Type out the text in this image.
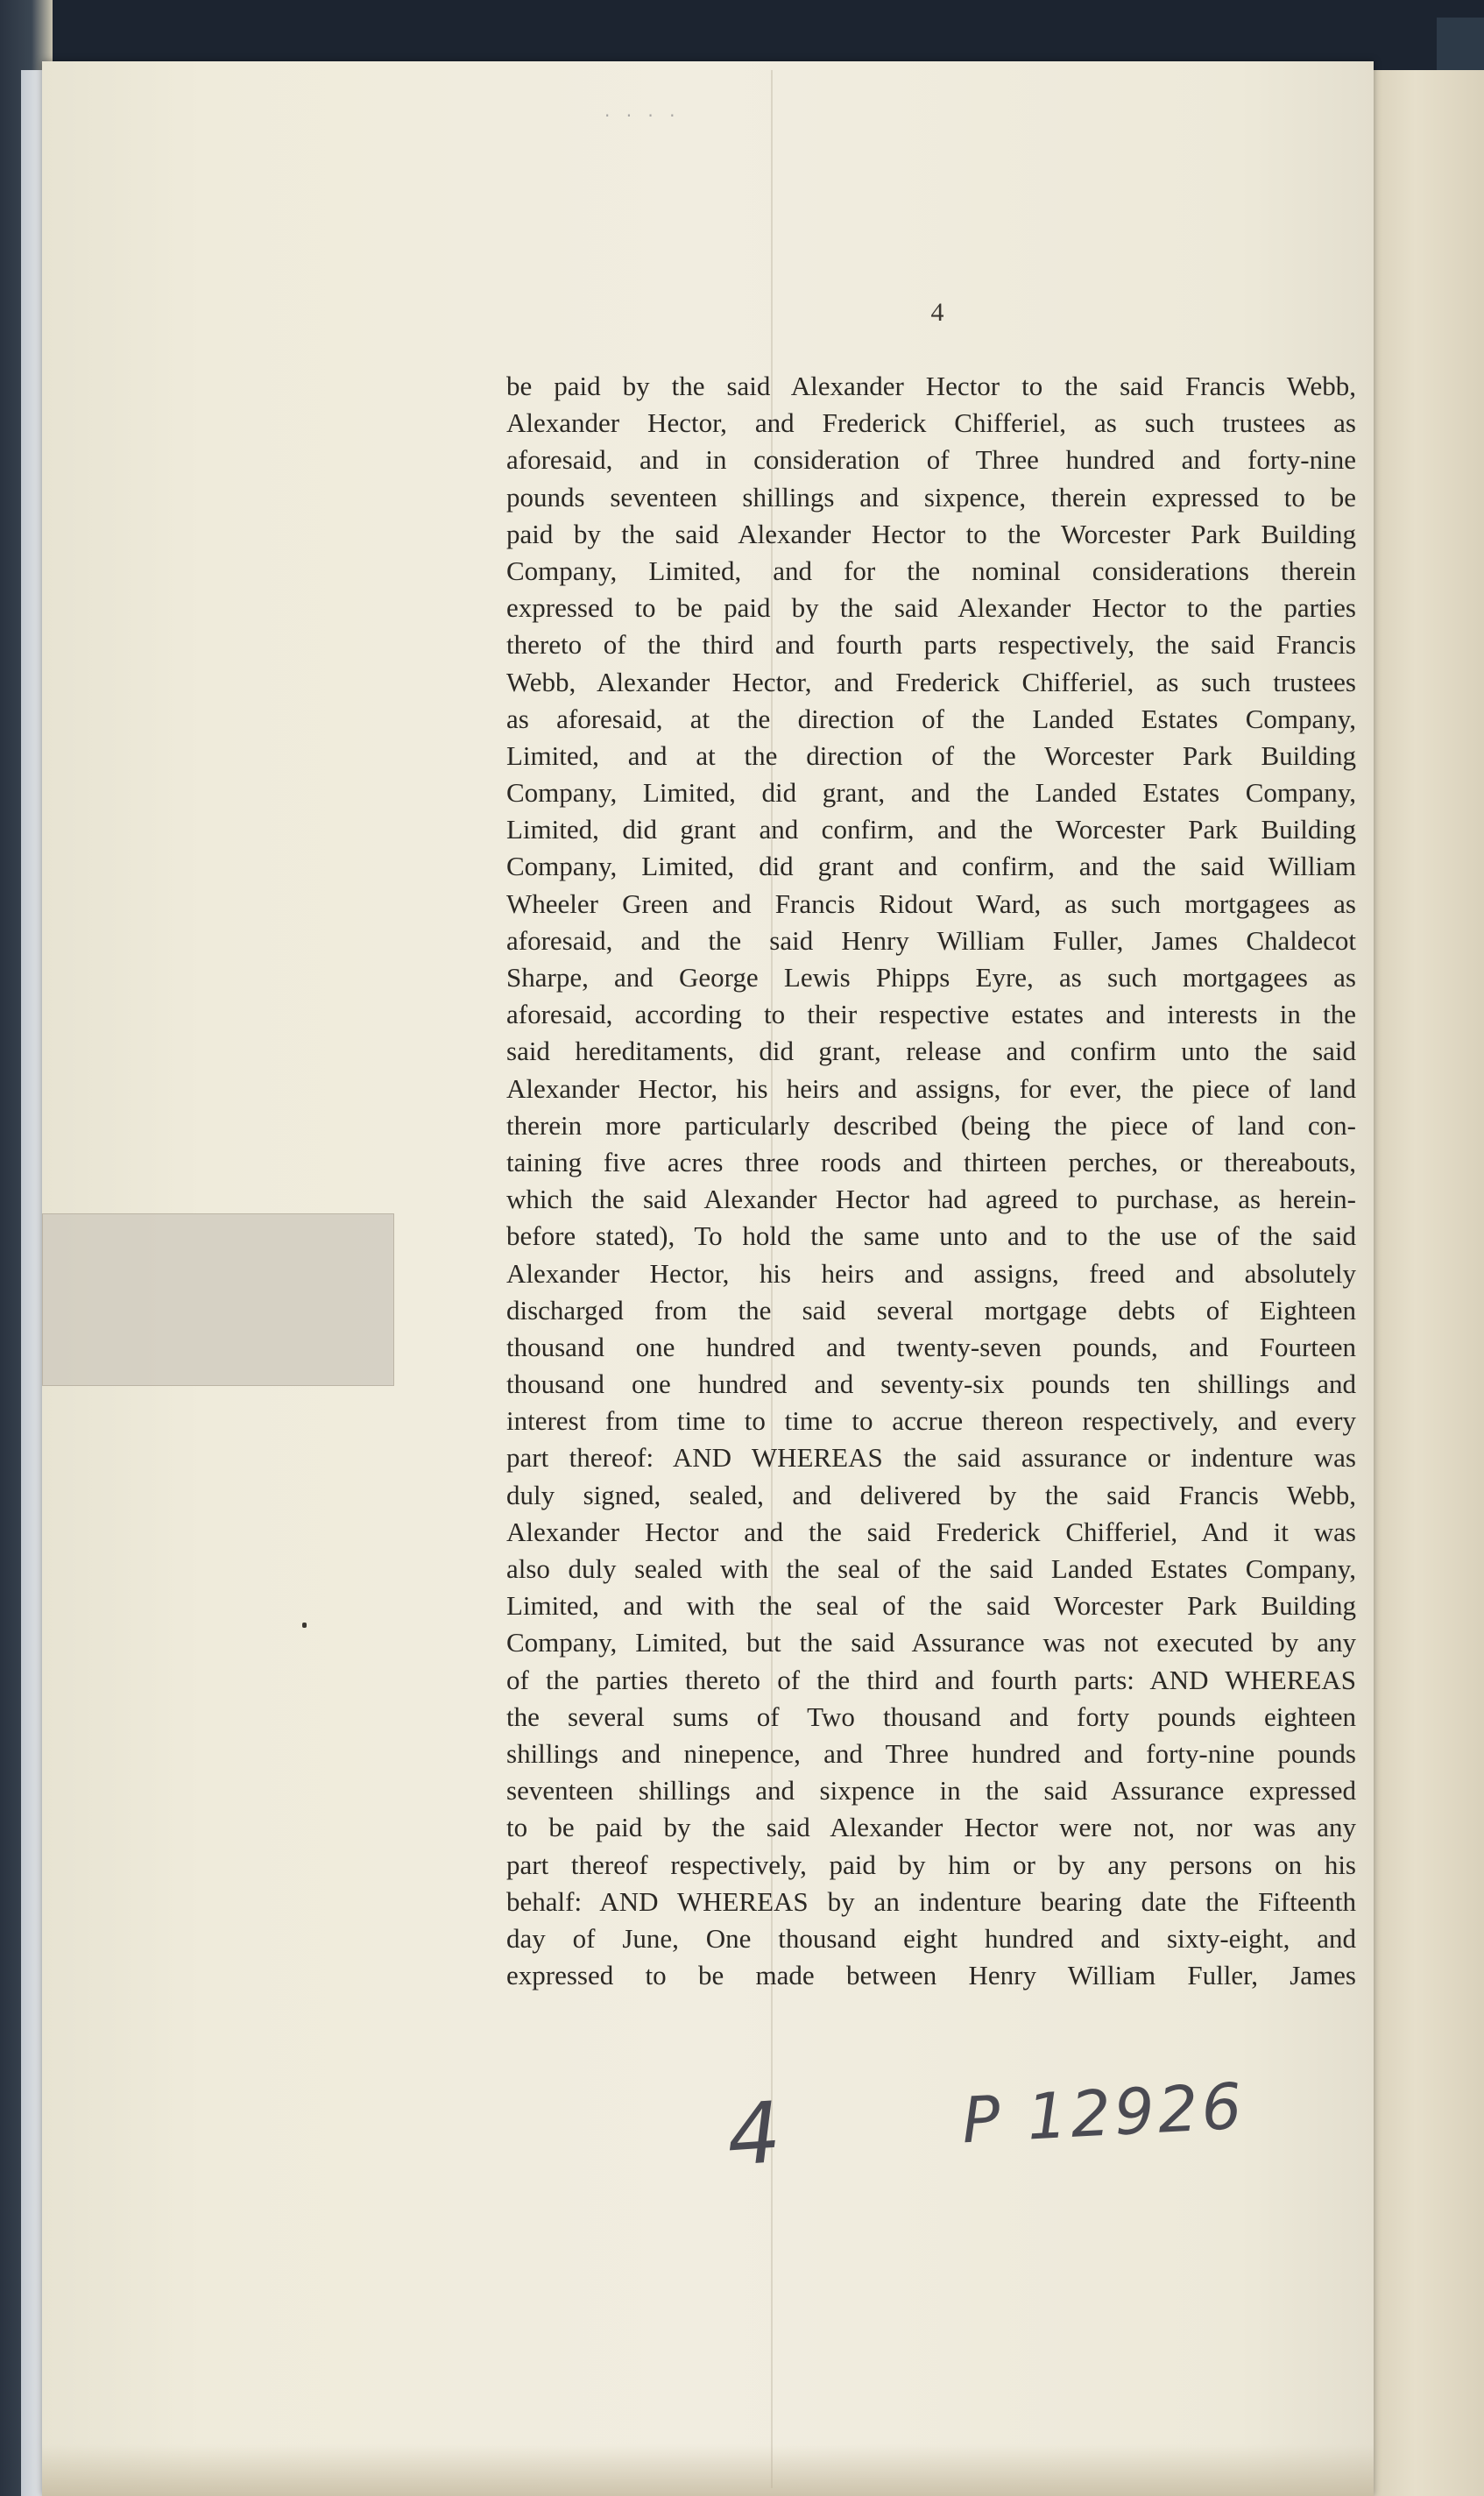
· · · ·
4
be paid by the said Alexander Hector to the said Francis Webb,
Alexander Hector, and Frederick Chifferiel, as such trustees as
aforesaid, and in consideration of Three hundred and forty-nine
pounds seventeen shillings and sixpence, therein expressed to be
paid by the said Alexander Hector to the Worcester Park Building
Company, Limited, and for the nominal considerations therein
expressed to be paid by the said Alexander Hector to the parties
thereto of the third and fourth parts respectively, the said Francis
Webb, Alexander Hector, and Frederick Chifferiel, as such trustees
as aforesaid, at the direction of the Landed Estates Company,
Limited, and at the direction of the Worcester Park Building
Company, Limited, did grant, and the Landed Estates Company,
Limited, did grant and confirm, and the Worcester Park Building
Company, Limited, did grant and confirm, and the said William
Wheeler Green and Francis Ridout Ward, as such mortgagees as
aforesaid, and the said Henry William Fuller, James Chaldecot
Sharpe, and George Lewis Phipps Eyre, as such mortgagees as
aforesaid, according to their respective estates and interests in the
said hereditaments, did grant, release and confirm unto the said
Alexander Hector, his heirs and assigns, for ever, the piece of land
therein more particularly described (being the piece of land con-
taining five acres three roods and thirteen perches, or thereabouts,
which the said Alexander Hector had agreed to purchase, as herein-
before stated), To hold the same unto and to the use of the said
Alexander Hector, his heirs and assigns, freed and absolutely
discharged from the said several mortgage debts of Eighteen
thousand one hundred and twenty-seven pounds, and Fourteen
thousand one hundred and seventy-six pounds ten shillings and
interest from time to time to accrue thereon respectively, and every
part thereof: AND WHEREAS the said assurance or indenture was
duly signed, sealed, and delivered by the said Francis Webb,
Alexander Hector and the said Frederick Chifferiel, And it was
also duly sealed with the seal of the said Landed Estates Company,
Limited, and with the seal of the said Worcester Park Building
Company, Limited, but the said Assurance was not executed by any
of the parties thereto of the third and fourth parts: AND WHEREAS
the several sums of Two thousand and forty pounds eighteen
shillings and ninepence, and Three hundred and forty-nine pounds
seventeen shillings and sixpence in the said Assurance expressed
to be paid by the said Alexander Hector were not, nor was any
part thereof respectively, paid by him or by any persons on his
behalf: AND WHEREAS by an indenture bearing date the Fifteenth
day of June, One thousand eight hundred and sixty-eight, and
expressed to be made between Henry William Fuller, James
4	P 12926
